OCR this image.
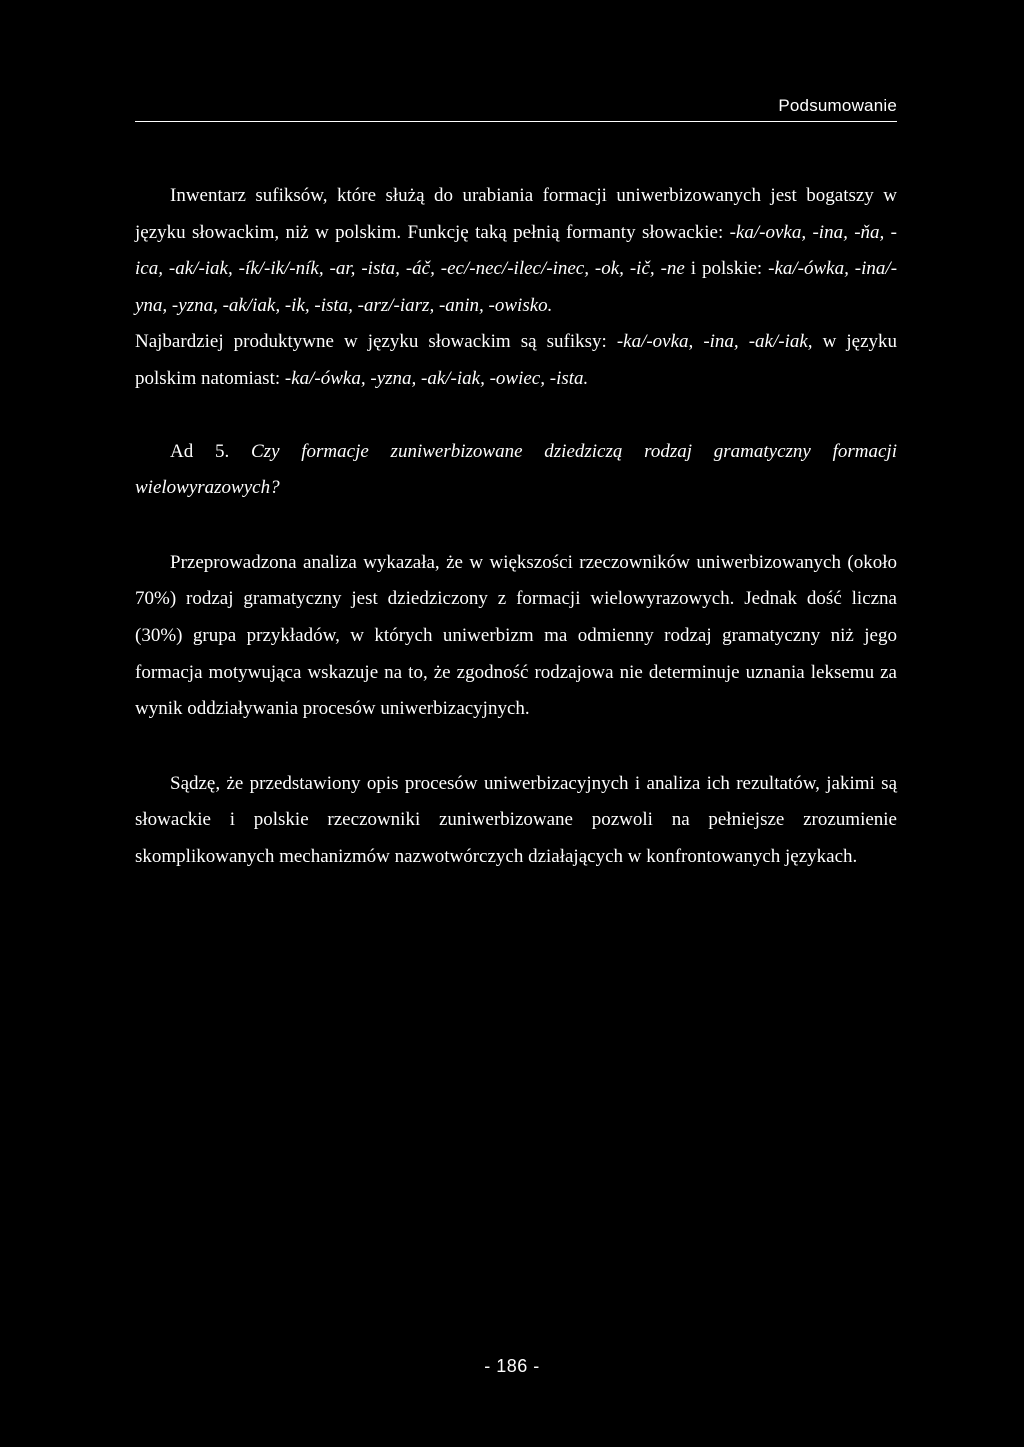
Podsumowanie

Inwentarz sufiksów, które służą do urabiania formacji uniwerbizowanych jest bogatszy w języku słowackim, niż w polskim. Funkcję taką pełnią formanty słowackie: -ka/-ovka, -ina, -ňa, -ica, -ak/-iak, -ík/-ik/-ník, -ar, -ista, -áč, -ec/-nec/-ilec/-inec, -ok, -ič, -ne i polskie: -ka/-ówka, -ina/-yna, -yzna, -ak/iak, -ik, -ista, -arz/-iarz, -anin, -owisko.

Najbardziej produktywne w języku słowackim są sufiksy: -ka/-ovka, -ina, -ak/-iak, w języku polskim natomiast: -ka/-ówka, -yzna, -ak/-iak, -owiec, -ista.

Ad 5. Czy formacje zuniwerbizowane dziedziczą rodzaj gramatyczny formacji wielowyrazowych?

Przeprowadzona analiza wykazała, że w większości rzeczowników uniwerbizowanych (około 70%) rodzaj gramatyczny jest dziedziczony z formacji wielowyrazowych. Jednak dość liczna (30%) grupa przykładów, w których uniwerbizm ma odmienny rodzaj gramatyczny niż jego formacja motywująca wskazuje na to, że zgodność rodzajowa nie determinuje uznania leksemu za wynik oddziaływania procesów uniwerbizacyjnych.

Sądzę, że przedstawiony opis procesów uniwerbizacyjnych i analiza ich rezultatów, jakimi są słowackie i polskie rzeczowniki zuniwerbizowane pozwoli na pełniejsze zrozumienie skomplikowanych mechanizmów nazwotwórczych działających w konfrontowanych językach.

- 186 -
